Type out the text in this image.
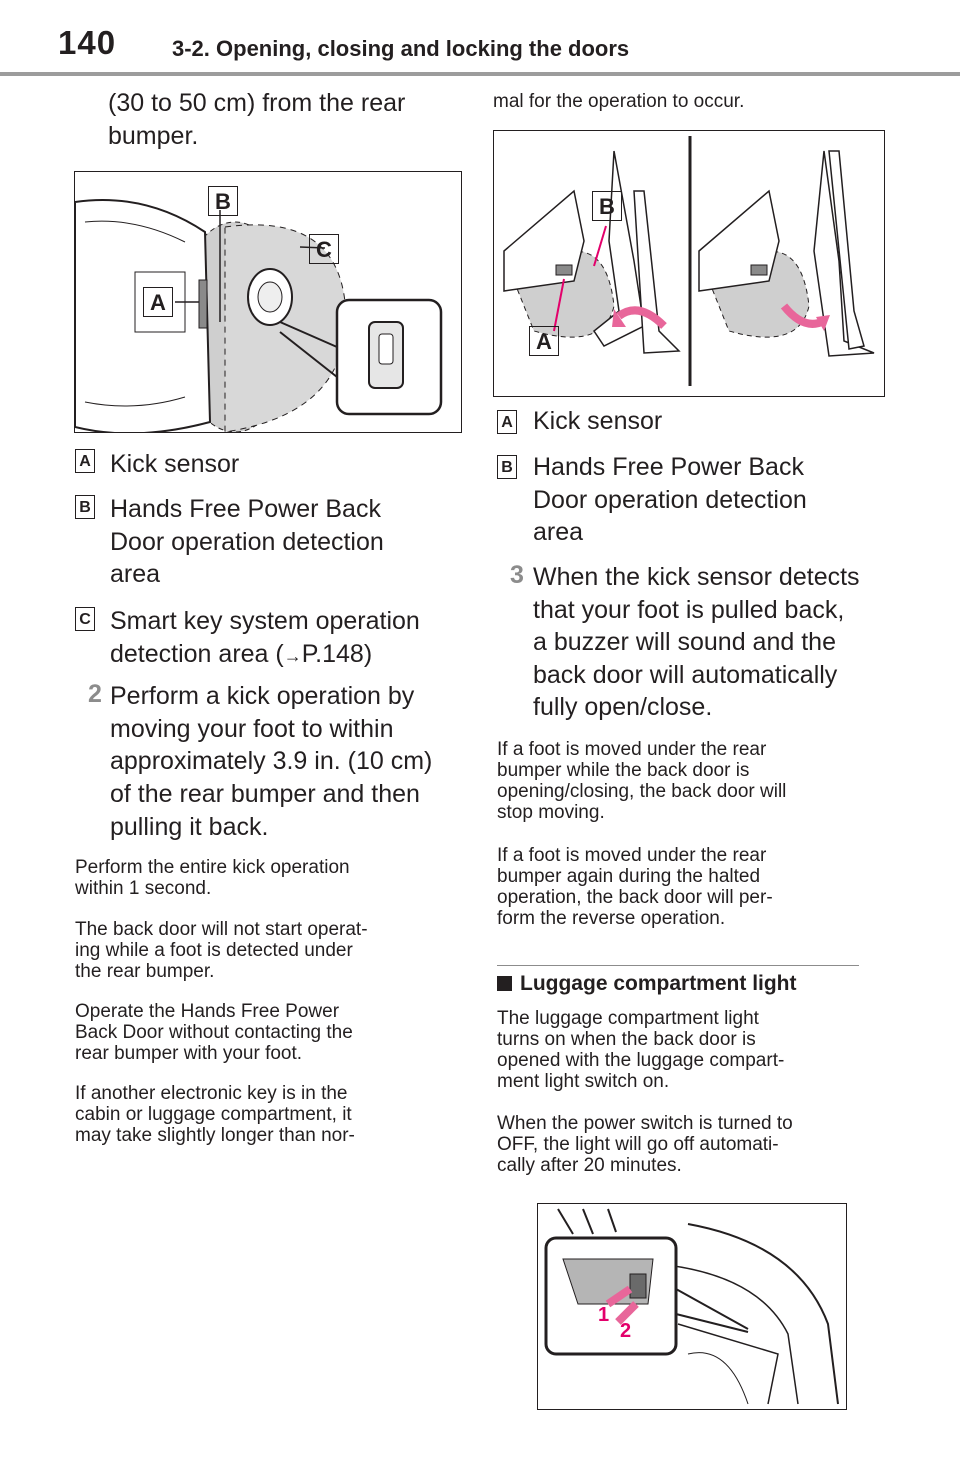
140	3-2. Opening, closing and locking the doors
(30 to 50 cm) from the rear
bumper.
B
C
A
A Kick sensor
B Hands Free Power Back
Door operation detection
area
C Smart key system operation
detection area (→P.148)
2 Perform a kick operation by
moving your foot to within
approximately 3.9 in. (10 cm)
of the rear bumper and then
pulling it back.

Perform the entire kick operation

within 1 second.

The back door will not start operat-

ing while a foot is detected under

the rear bumper.

Operate the Hands Free Power

Back Door without contacting the

rear bumper with your foot.

If another electronic key is in the

cabin or luggage compartment, it

may take slightly longer than nor-

mal for the operation to occur.
B
A
A Kick sensor
B Hands Free Power Back
Door operation detection
area
3 When the kick sensor detects
that your foot is pulled back,
a buzzer will sound and the
back door will automatically
fully open/close.

If a foot is moved under the rear

bumper while the back door is

opening/closing, the back door will

stop moving.

If a foot is moved under the rear

bumper again during the halted

operation, the back door will per-

form the reverse operation.

Luggage compartment light

The luggage compartment light

turns on when the back door is

opened with the luggage compart-

ment light switch on.

When the power switch is turned to

OFF, the light will go off automati-

cally after 20 minutes.

1
2
